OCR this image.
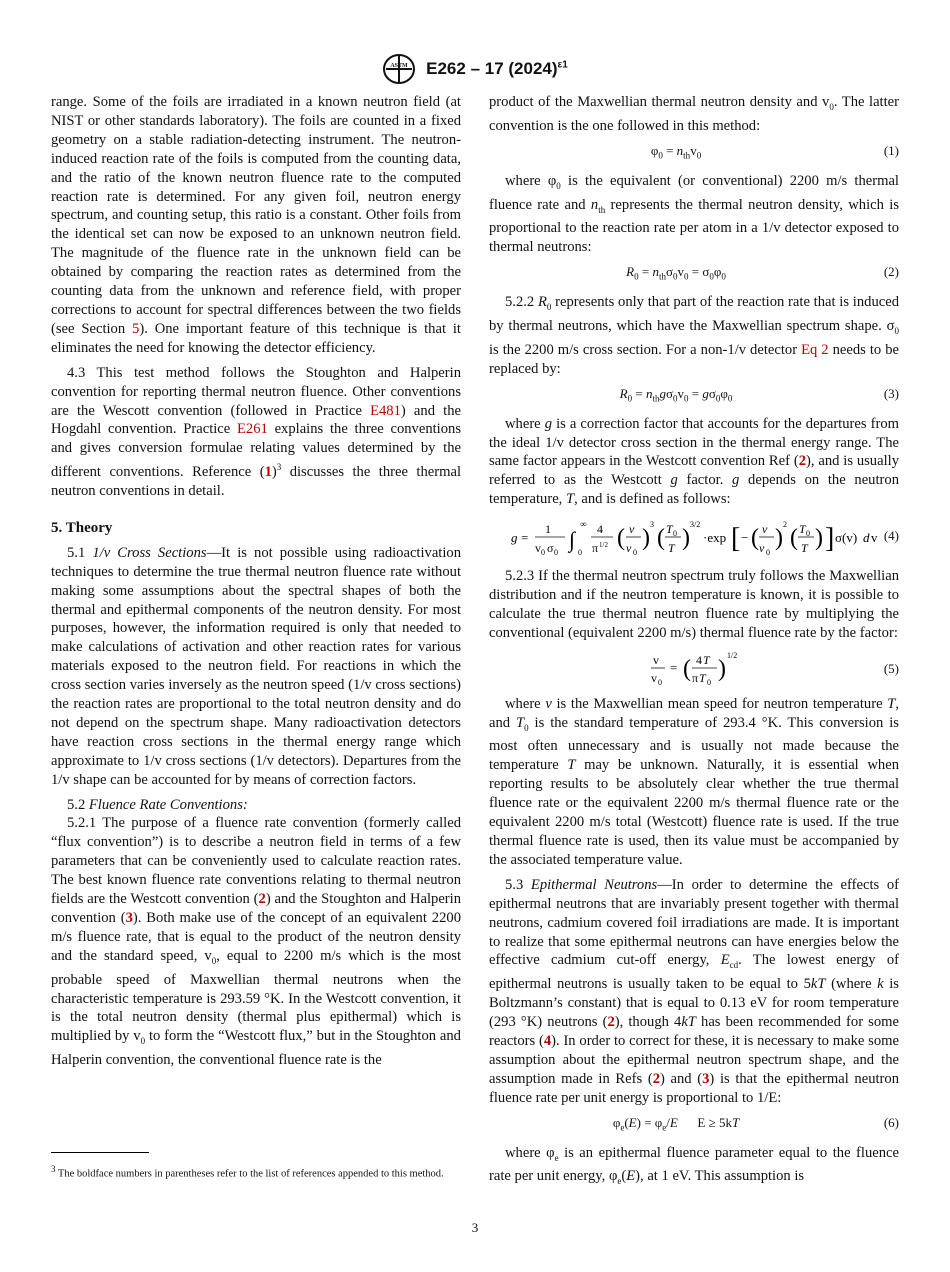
ASTM E262 – 17 $(2024)^{\varepsilon 1}$

range. Some of the foils are irradiated in a known neutron field (at NIST or other standards laboratory). The foils are counted in a fixed geometry on a stable radiation-detecting instrument. The neutron-induced reaction rate of the foils is computed from the counting data, and the ratio of the known neutron fluence rate to the computed reaction rate is determined. For any given foil, neutron energy spectrum, and counting setup, this ratio is a constant. Other foils from the identical set can now be exposed to an unknown neutron field. The magnitude of the fluence rate in the unknown field can be obtained by comparing the reaction rates as determined from the counting data from the unknown and reference field, with proper corrections to account for spectral differences between the two fields (see Section 5). One important feature of this technique is that it eliminates the need for knowing the detector efficiency.

4.3 This test method follows the Stoughton and Halperin convention for reporting thermal neutron fluence. Other conventions are the Wescott convention (followed in Practice E481) and the Hogdahl convention. Practice E261 explains the three conventions and gives conversion formulae relating values determined by the different conventions. Reference $(1)^3$ discusses the three thermal neutron conventions in detail.

5. Theory

5.1 1/v Cross Sections—It is not possible using radioactivation techniques to determine the true thermal neutron fluence rate without making some assumptions about the spectral shapes of both the thermal and epithermal components of the neutron density. For most purposes, however, the information required is only that needed to make calculations of activation and other reaction rates for various materials exposed to the neutron field. For reactions in which the cross section varies inversely as the neutron speed (1/v cross sections) the reaction rates are proportional to the total neutron density and do not depend on the spectrum shape. Many radioactivation detectors have reaction cross sections in the thermal energy range which approximate to 1/v cross sections (1/v detectors). Departures from the 1/v shape can be accounted for by means of correction factors.

5.2 Fluence Rate Conventions:

5.2.1 The purpose of a fluence rate convention (formerly called “flux convention”) is to describe a neutron field in terms of a few parameters that can be conveniently used to calculate reaction rates. The best known fluence rate conventions relating to thermal neutron fields are the Westcott convention (2) and the Stoughton and Halperin convention (3). Both make use of the concept of an equivalent 2200 m/s fluence rate, that is equal to the product of the neutron density and the standard speed, $v_0$, equal to 2200 m/s which is the most probable speed of Maxwellian thermal neutrons when the characteristic temperature is 293.59 °K. In the Westcott convention, it is the total neutron density (thermal plus epithermal) which is multiplied by $v_0$ to form the “Westcott flux,” but in the Stoughton and Halperin convention, the conventional fluence rate is the

$^3$ The boldface numbers in parentheses refer to the list of references appended to this method.

product of the Maxwellian thermal neutron density and $v_0$. The latter convention is the one followed in this method:

$\varphi_0 = n_{th}v_0$	(1)

where $\varphi_0$ is the equivalent (or conventional) 2200 m/s thermal fluence rate and $n_{th}$ represents the thermal neutron density, which is proportional to the reaction rate per atom in a 1/v detector exposed to thermal neutrons:

$R_0 = n_{th}\sigma_0v_0 = \sigma_0\varphi_0$	(2)

5.2.2 $R_0$ represents only that part of the reaction rate that is induced by thermal neutrons, which have the Maxwellian spectrum shape. $\sigma_0$ is the 2200 m/s cross section. For a non-1/v detector Eq 2 needs to be replaced by:

$R_0 = n_{th}g\sigma_0v_0 = g\sigma_0\varphi_0$	(3)

where g is a correction factor that accounts for the departures from the ideal 1/v detector cross section in the thermal energy range. The same factor appears in the Westcott convention Ref (2), and is usually referred to as the Westcott g factor. g depends on the neutron temperature, T, and is defined as follows:

g =
1
v 0 σ 0
∫
∞
0
4
π 1/2 ( v
v 0
)
3
( T 0
T )
3/2
·exp [ − ( v
v 0
)
2
( T 0
T ) ] σ(v) d v (4)

5.2.3 If the thermal neutron spectrum truly follows the Maxwellian distribution and if the neutron temperature is known, it is possible to calculate the true thermal neutron fluence rate by multiplying the conventional (equivalent 2200 m/s) thermal fluence rate by the factor:

v
v 0
= ( 4 T
π T 0
)
1/2
(5)

where v is the Maxwellian mean speed for neutron temperature T, and $T_0$ is the standard temperature of 293.4 °K. This conversion is most often unnecessary and is usually not made because the temperature T may be unknown. Naturally, it is essential when reporting results to be absolutely clear whether the true thermal fluence rate or the equivalent 2200 m/s thermal fluence rate or the equivalent 2200 m/s total (Westcott) fluence rate is used. If the true thermal fluence rate is used, then its value must be accompanied by the associated temperature value.

5.3 Epithermal Neutrons—In order to determine the effects of epithermal neutrons that are invariably present together with thermal neutrons, cadmium covered foil irradiations are made. It is important to realize that some epithermal neutrons can have energies below the effective cadmium cut-off energy, $E_{cd}$. The lowest energy of epithermal neutrons is usually taken to be equal to 5kT (where k is Boltzmann’s constant) that is equal to 0.13 eV for room temperature (293 °K) neutrons (2), though 4kT has been recommended for some reactors (4). In order to correct for these, it is necessary to make some assumption about the epithermal neutron spectrum shape, and the assumption made in Refs (2) and (3) is that the epithermal neutron fluence rate per unit energy is proportional to 1/E:

$\varphi_e(E) = \varphi_e/E$      E ≥ 5kT	(6)

where $\varphi_e$ is an epithermal fluence parameter equal to the fluence rate per unit energy, $\varphi_e(E)$, at 1 eV. This assumption is

3
